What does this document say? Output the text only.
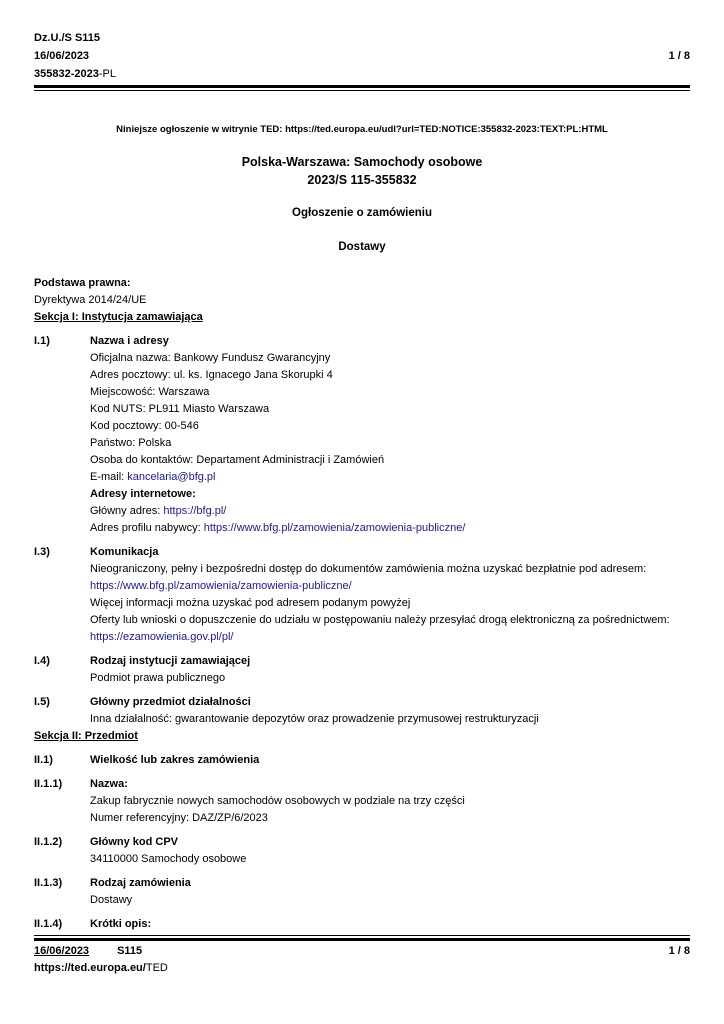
Dz.U./S S115
16/06/2023
355832-2023-PL
1 / 8
Niniejsze ogłoszenie w witrynie TED: https://ted.europa.eu/udl?url=TED:NOTICE:355832-2023:TEXT:PL:HTML
Polska-Warszawa: Samochody osobowe
2023/S 115-355832
Ogłoszenie o zamówieniu
Dostawy
Podstawa prawna:
Dyrektywa 2014/24/UE
Sekcja I: Instytucja zamawiająca
I.1)	Nazwa i adresy
Oficjalna nazwa: Bankowy Fundusz Gwarancyjny
Adres pocztowy: ul. ks. Ignacego Jana Skorupki 4
Miejscowość: Warszawa
Kod NUTS: PL911 Miasto Warszawa
Kod pocztowy: 00-546
Państwo: Polska
Osoba do kontaktów: Departament Administracji i Zamówień
E-mail: kancelaria@bfg.pl
Adresy internetowe:
Główny adres: https://bfg.pl/
Adres profilu nabywcy: https://www.bfg.pl/zamowienia/zamowienia-publiczne/
I.3)	Komunikacja
Nieograniczony, pełny i bezpośredni dostęp do dokumentów zamówienia można uzyskać bezpłatnie pod adresem: https://www.bfg.pl/zamowienia/zamowienia-publiczne/
Więcej informacji można uzyskać pod adresem podanym powyżej
Oferty lub wnioski o dopuszczenie do udziału w postępowaniu należy przesyłać drogą elektroniczną za pośrednictwem: https://ezamowienia.gov.pl/pl/
I.4)	Rodzaj instytucji zamawiającej
Podmiot prawa publicznego
I.5)	Główny przedmiot działalności
Inna działalność: gwarantowanie depozytów oraz prowadzenie przymusowej restrukturyzacji
Sekcja II: Przedmiot
II.1)	Wielkość lub zakres zamówienia
II.1.1)	Nazwa:
Zakup fabrycznie nowych samochodów osobowych w podziale na trzy części
Numer referencyjny: DAZ/ZP/6/2023
II.1.2)	Główny kod CPV
34110000 Samochody osobowe
II.1.3)	Rodzaj zamówienia
Dostawy
II.1.4)	Krótki opis:
16/06/2023	S115	1 / 8
https://ted.europa.eu/TED
